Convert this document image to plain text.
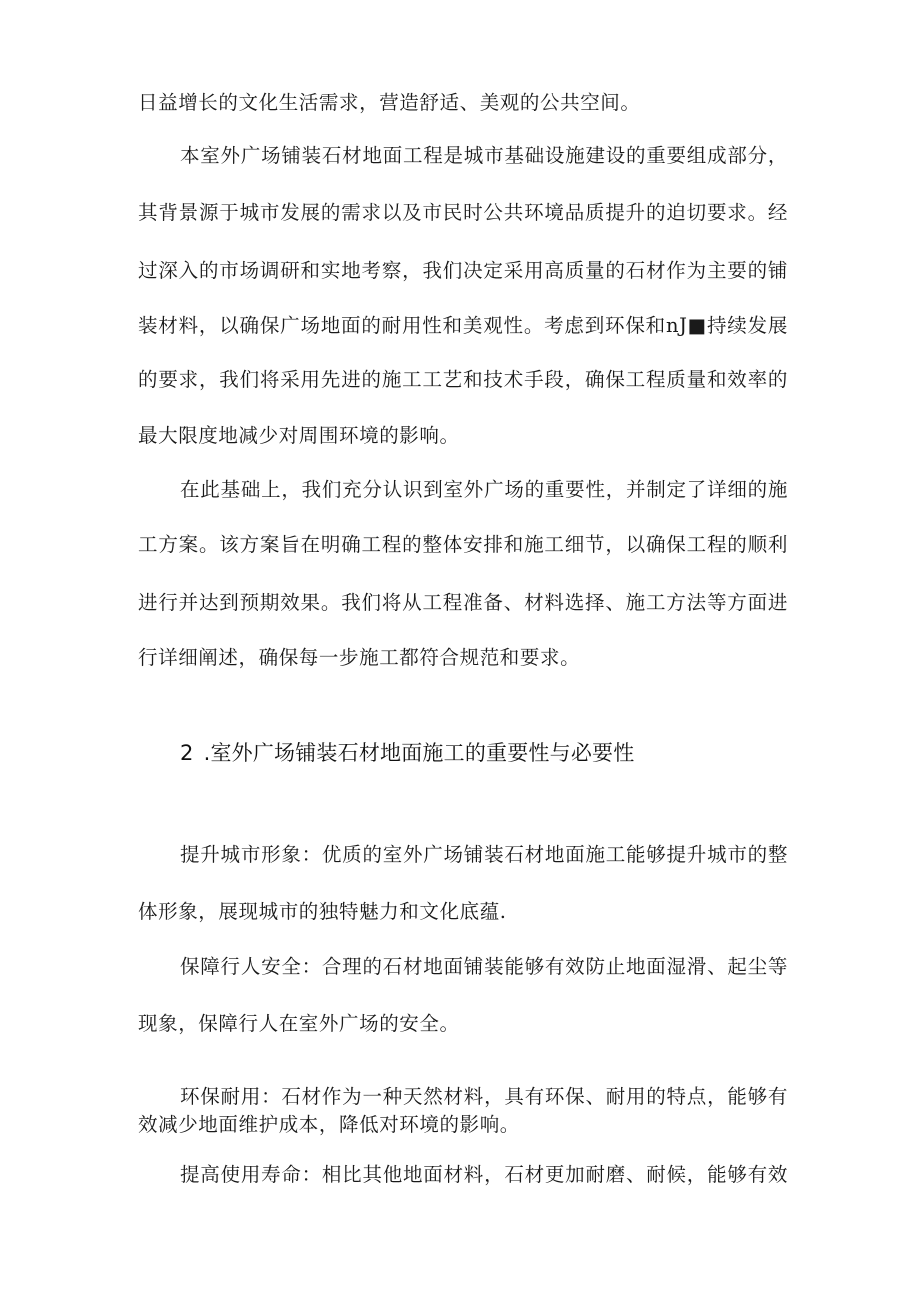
日益增长的文化生活需求，营造舒适、美观的公共空间。
本室外广场铺装石材地面工程是城市基础设施建设的重要组成部分，
其背景源于城市发展的需求以及市民时公共环境品质提升的迫切要求。经
过深入的市场调研和实地考察，我们决定采用高质量的石材作为主要的铺
装材料，以确保广场地面的耐用性和美观性。考虑到环保和nJ■持续发展
的要求，我们将采用先进的施工工艺和技术手段，确保工程质量和效率的
最大限度地减少对周围环境的影响。
在此基础上，我们充分认识到室外广场的重要性，并制定了详细的施
工方案。该方案旨在明确工程的整体安排和施工细节，以确保工程的顺利
进行并达到预期效果。我们将从工程准备、材料选择、施工方法等方面进
行详细阐述，确保每一步施工都符合规范和要求。
2 .室外广场铺装石材地面施工的重要性与必要性
提升城市形象：优质的室外广场铺装石材地面施工能够提升城市的整
体形象，展现城市的独特魅力和文化底蕴.
保障行人安全：合理的石材地面铺装能够有效防止地面湿滑、起尘等
现象，保障行人在室外广场的安全。
环保耐用：石材作为一种天然材料，具有环保、耐用的特点，能够有
效减少地面维护成本，降低对环境的影响。
提高使用寿命：相比其他地面材料，石材更加耐磨、耐候，能够有效
